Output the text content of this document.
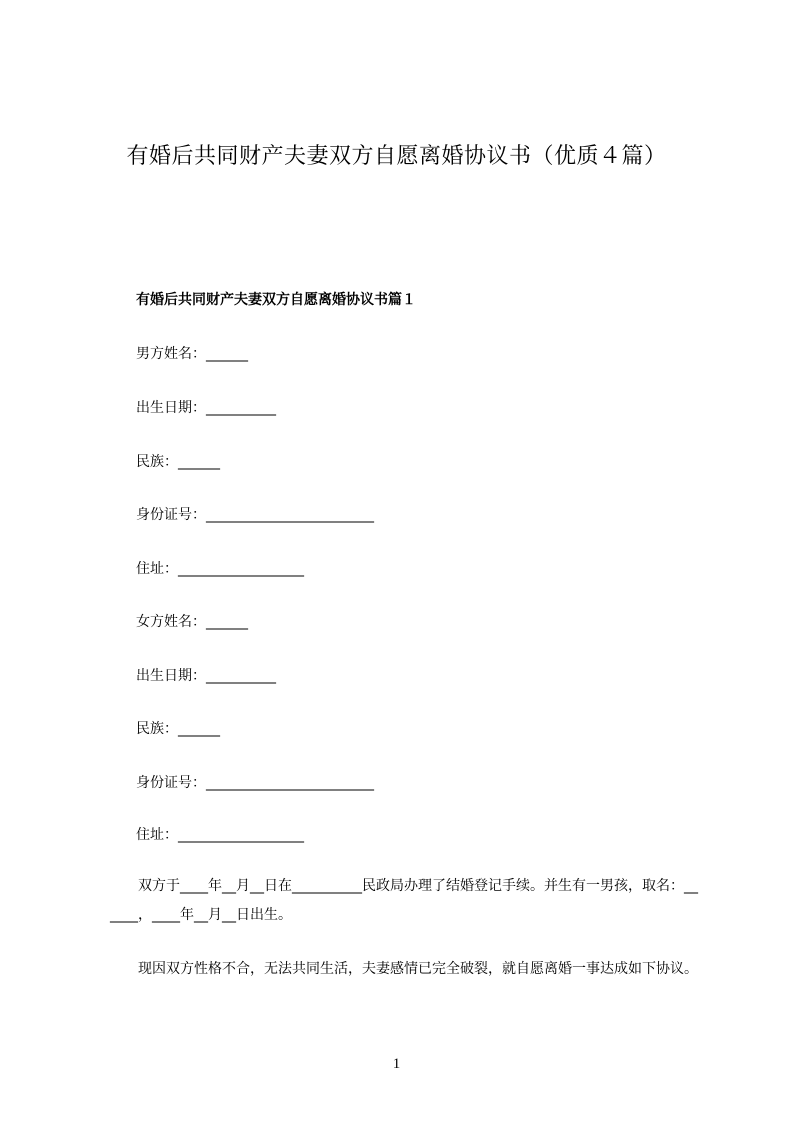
有婚后共同财产夫妻双方自愿离婚协议书（优质４篇）
有婚后共同财产夫妻双方自愿离婚协议书篇１
男方姓名：______
出生日期：__________
民族：______
身份证号：________________________
住址：__________________
女方姓名：______
出生日期：__________
民族：______
身份证号：________________________
住址：__________________
双方于____年__月__日在__________民政局办理了结婚登记手续。并生有一男孩，取名：______，____年__月__日出生。
现因双方性格不合，无法共同生活，夫妻感情已完全破裂，就自愿离婚一事达成如下协议。
1
